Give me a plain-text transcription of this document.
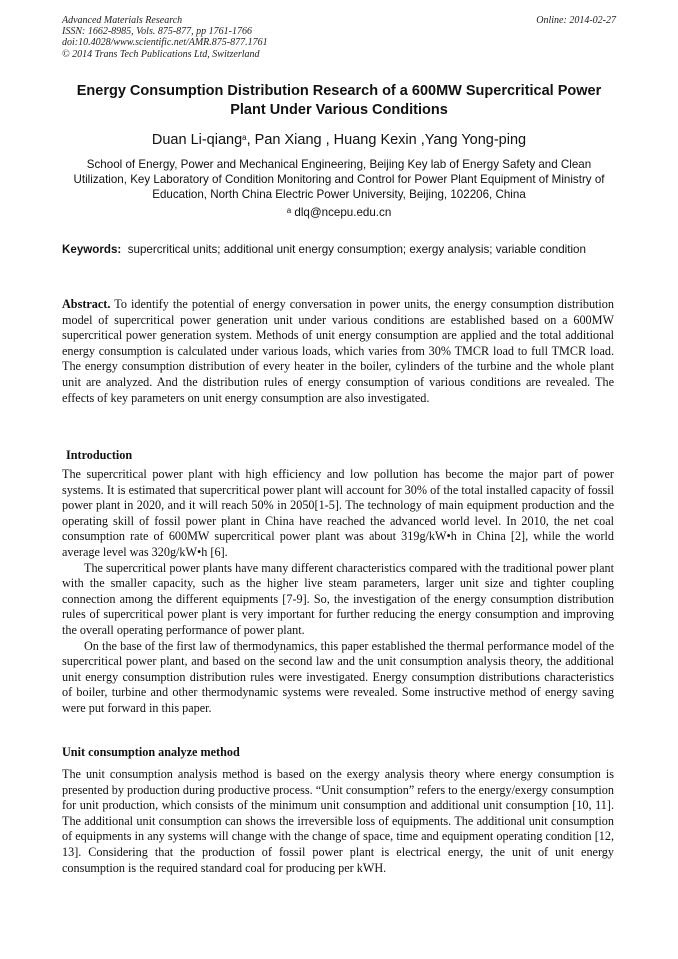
Advanced Materials Research
ISSN: 1662-8985, Vols. 875-877, pp 1761-1766
doi:10.4028/www.scientific.net/AMR.875-877.1761
© 2014 Trans Tech Publications Ltd, Switzerland
Online: 2014-02-27
Energy Consumption Distribution Research of a 600MW Supercritical Power Plant Under Various Conditions
Duan Li-qiang$^a$, Pan Xiang , Huang Kexin ,Yang Yong-ping
School of Energy, Power and Mechanical Engineering, Beijing Key lab of Energy Safety and Clean Utilization, Key Laboratory of Condition Monitoring and Control for Power Plant Equipment of Ministry of Education, North China Electric Power University, Beijing, 102206, China
$^a$ dlq@ncepu.edu.cn
Keywords: supercritical units; additional unit energy consumption; exergy analysis; variable condition
Abstract. To identify the potential of energy conversation in power units, the energy consumption distribution model of supercritical power generation unit under various conditions are established based on a 600MW supercritical power generation system. Methods of unit energy consumption are applied and the total additional energy consumption is calculated under various loads, which varies from 30% TMCR load to full TMCR load. The energy consumption distribution of every heater in the boiler, cylinders of the turbine and the whole plant unit are analyzed. And the distribution rules of energy consumption of various conditions are revealed. The effects of key parameters on unit energy consumption are also investigated.
Introduction

The supercritical power plant with high efficiency and low pollution has become the major part of power systems. It is estimated that supercritical power plant will account for 30% of the total installed capacity of fossil power plant in 2020, and it will reach 50% in 2050[1-5]. The technology of main equipment production and the operating skill of fossil power plant in China have reached the advanced world level. In 2010, the net coal consumption rate of 600MW supercritical power plant was about 319g/kW•h in China [2], while the world average level was 320g/kW•h [6].

The supercritical power plants have many different characteristics compared with the traditional power plant with the smaller capacity, such as the higher live steam parameters, larger unit size and tighter coupling connection among the different equipments [7-9]. So, the investigation of the energy consumption distribution rules of supercritical power plant is very important for further reducing the energy consumption and improving the overall operating performance of power plant.

On the base of the first law of thermodynamics, this paper established the thermal performance model of the supercritical power plant, and based on the second law and the unit consumption analysis theory, the additional unit energy consumption distribution rules were investigated. Energy consumption distributions characteristics of boiler, turbine and other thermodynamic systems were revealed. Some instructive method of energy saving were put forward in this paper.

Unit consumption analyze method

The unit consumption analysis method is based on the exergy analysis theory where energy consumption is presented by production during productive process. “Unit consumption” refers to the energy/exergy consumption for unit production, which consists of the minimum unit consumption and additional unit consumption [10, 11]. The additional unit consumption can shows the irreversible loss of equipments. The additional unit consumption of equipments in any systems will change with the change of space, time and equipment operating condition [12, 13]. Considering that the production of fossil power plant is electrical energy, the unit of unit energy consumption is the required standard coal for producing per kWH.
